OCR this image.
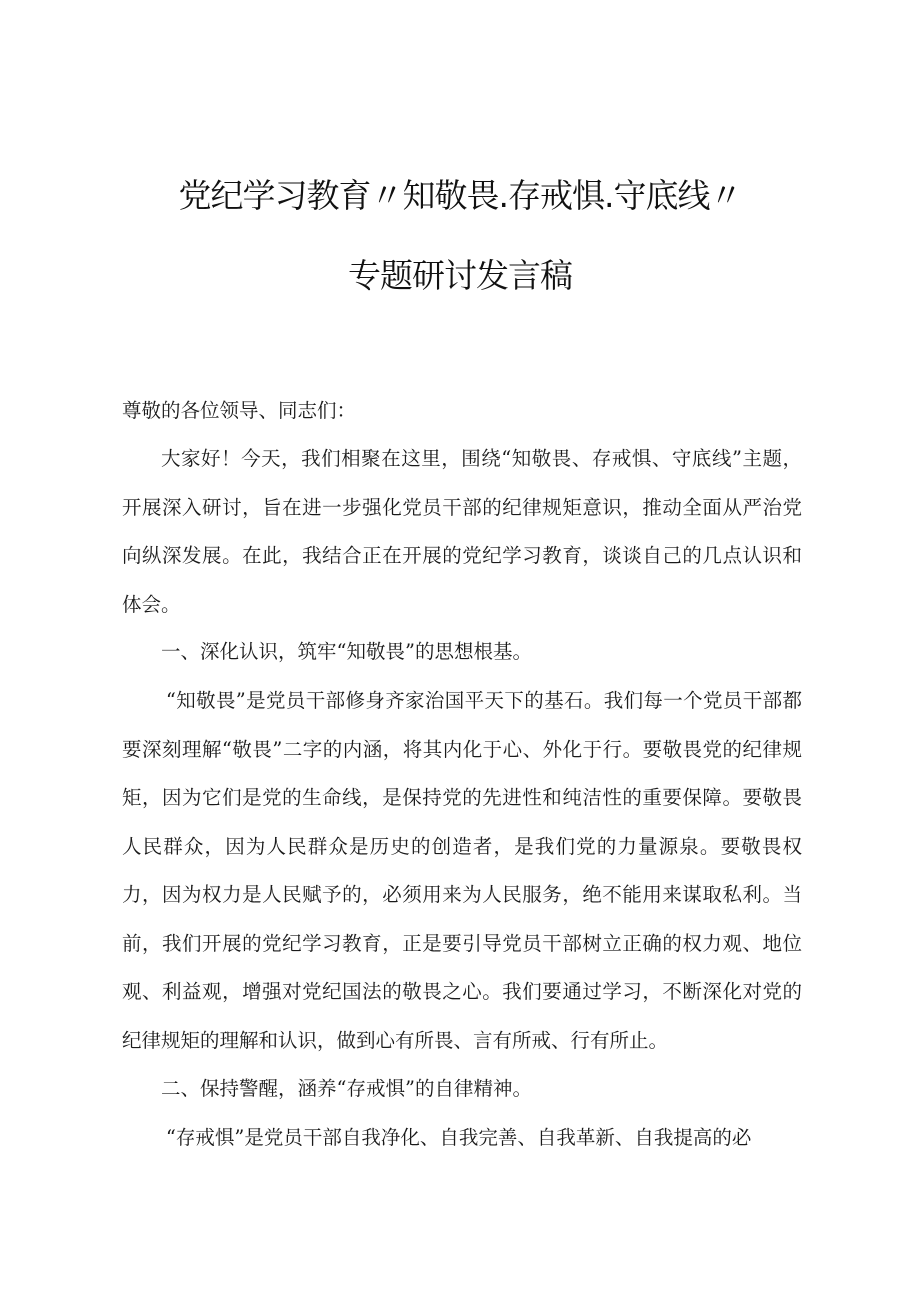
党纪学习教育〃知敬畏.存戒惧.守底线〃
专题研讨发言稿
尊敬的各位领导、同志们：
大家好！今天，我们相聚在这里，围绕“知敬畏、存戒惧、守底线”主题，开展深入研讨，旨在进一步强化党员干部的纪律规矩意识，推动全面从严治党向纵深发展。在此，我结合正在开展的党纪学习教育，谈谈自己的几点认识和体会。
一、深化认识，筑牢“知敬畏”的思想根基。
“知敬畏”是党员干部修身齐家治国平天下的基石。我们每一个党员干部都要深刻理解“敬畏”二字的内涵，将其内化于心、外化于行。要敬畏党的纪律规矩，因为它们是党的生命线，是保持党的先进性和纯洁性的重要保障。要敬畏人民群众，因为人民群众是历史的创造者，是我们党的力量源泉。要敬畏权力，因为权力是人民赋予的，必须用来为人民服务，绝不能用来谋取私利。当前，我们开展的党纪学习教育，正是要引导党员干部树立正确的权力观、地位观、利益观，增强对党纪国法的敬畏之心。我们要通过学习，不断深化对党的纪律规矩的理解和认识，做到心有所畏、言有所戒、行有所止。
二、保持警醒，涵养“存戒惧”的自律精神。
“存戒惧”是党员干部自我净化、自我完善、自我革新、自我提高的必
